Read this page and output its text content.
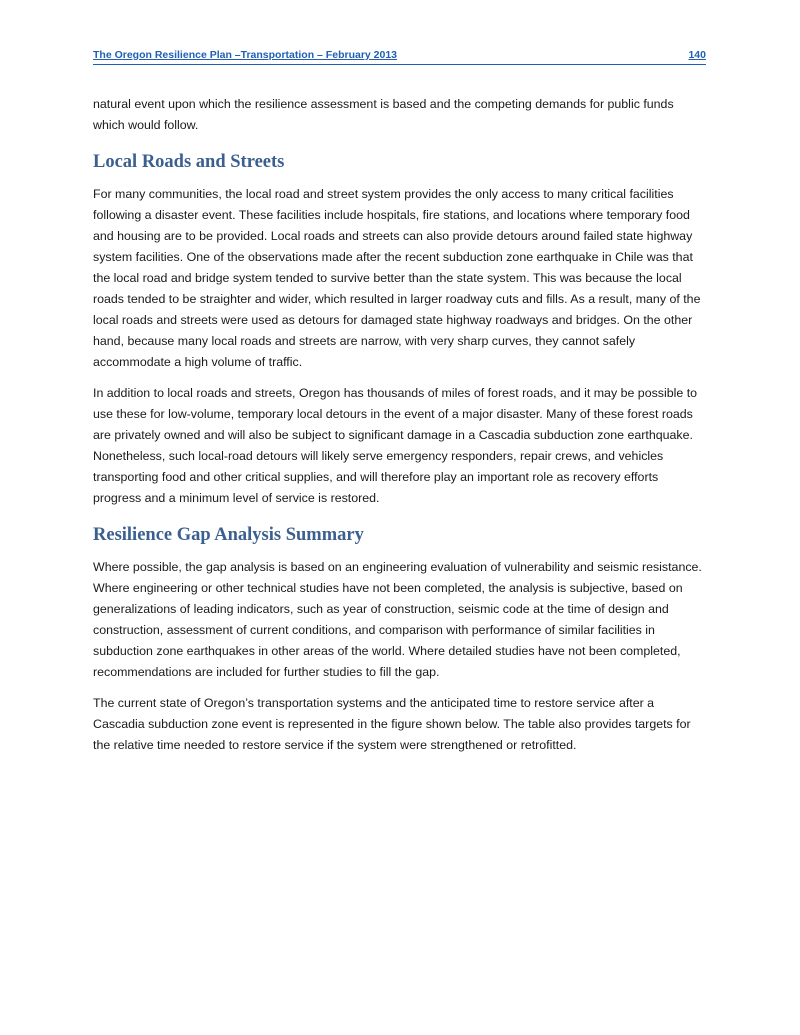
The Oregon Resilience Plan –Transportation – February 2013	140

natural event upon which the resilience assessment is based and the competing demands for public funds which would follow.

Local Roads and Streets

For many communities, the local road and street system provides the only access to many critical facilities following a disaster event. These facilities include hospitals, fire stations, and locations where temporary food and housing are to be provided. Local roads and streets can also provide detours around failed state highway system facilities. One of the observations made after the recent subduction zone earthquake in Chile was that the local road and bridge system tended to survive better than the state system. This was because the local roads tended to be straighter and wider, which resulted in larger roadway cuts and fills. As a result, many of the local roads and streets were used as detours for damaged state highway roadways and bridges. On the other hand, because many local roads and streets are narrow, with very sharp curves, they cannot safely accommodate a high volume of traffic.

In addition to local roads and streets, Oregon has thousands of miles of forest roads, and it may be possible to use these for low-volume, temporary local detours in the event of a major disaster. Many of these forest roads are privately owned and will also be subject to significant damage in a Cascadia subduction zone earthquake. Nonetheless, such local-road detours will likely serve emergency responders, repair crews, and vehicles transporting food and other critical supplies, and will therefore play an important role as recovery efforts progress and a minimum level of service is restored.

Resilience Gap Analysis Summary

Where possible, the gap analysis is based on an engineering evaluation of vulnerability and seismic resistance. Where engineering or other technical studies have not been completed, the analysis is subjective, based on generalizations of leading indicators, such as year of construction, seismic code at the time of design and construction, assessment of current conditions, and comparison with performance of similar facilities in subduction zone earthquakes in other areas of the world. Where detailed studies have not been completed, recommendations are included for further studies to fill the gap.

The current state of Oregon’s transportation systems and the anticipated time to restore service after a Cascadia subduction zone event is represented in the figure shown below. The table also provides targets for the relative time needed to restore service if the system were strengthened or retrofitted.
